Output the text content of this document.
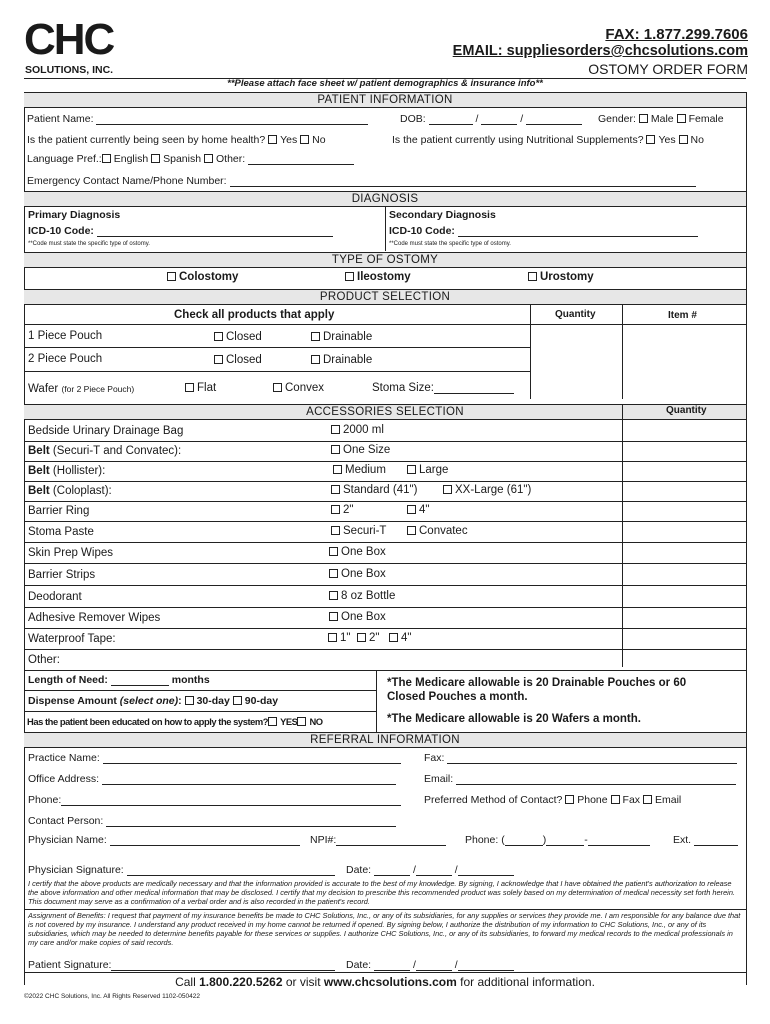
CHC
SOLUTIONS, INC.
FAX: 1.877.299.7606
EMAIL: suppliesorders@chcsolutions.com
OSTOMY ORDER FORM
**Please attach face sheet w/ patient demographics & insurance info**
PATIENT INFORMATION
Patient Name:	DOB:	/	/	Gender: Male Female
Is the patient currently being seen by home health? Yes No	Is the patient currently using Nutritional Supplements? Yes No
Language Pref.: English Spanish Other:
Emergency Contact Name/Phone Number:
DIAGNOSIS
Primary Diagnosis
ICD-10 Code:
**Code must state the specific type of ostomy.
Secondary Diagnosis
ICD-10 Code:
**Code must state the specific type of ostomy.
TYPE OF OSTOMY
Colostomy	Ileostomy	Urostomy
PRODUCT SELECTION
Check all products that apply	Quantity	Item #
1 Piece Pouch	Closed	Drainable
2 Piece Pouch	Closed	Drainable
Wafer (for 2 Piece Pouch)	Flat	Convex	Stoma Size:
ACCESSORIES SELECTION	Quantity
Bedside Urinary Drainage Bag	2000 ml
Belt (Securi-T and Convatec):	One Size
Belt (Hollister):	Medium	Large
Belt (Coloplast):	Standard (41")	XX-Large (61")
Barrier Ring	2"	4"
Stoma Paste	Securi-T	Convatec
Skin Prep Wipes	One Box
Barrier Strips	One Box
Deodorant	8 oz Bottle
Adhesive Remover Wipes	One Box
Waterproof Tape:	1"	2"	4"
Other:
Length of Need:	months
Dispense Amount (select one): 30-day 90-day
Has the patient been educated on how to apply the system? YES NO
*The Medicare allowable is 20 Drainable Pouches or 60 Closed Pouches a month.
*The Medicare allowable is 20 Wafers a month.
REFERRAL INFORMATION
Practice Name:	Fax:
Office Address:	Email:
Phone:	Preferred Method of Contact? Phone Fax Email
Contact Person:
Physician Name:	NPI#:	Phone: (	)	-	Ext.
Physician Signature:	Date:	/	/
I certify that the above products are medically necessary and that the information provided is accurate to the best of my knowledge. By signing, I acknowledge that I have obtained the patient's authorization to release the above information and other medical information that may be disclosed. I certify that my decision to prescribe this recommended product was solely based on my determination of medical necessity set forth herein. This document may serve as a confirmation of a verbal order and is also recorded in the patient's record.
Assignment of Benefits: I request that payment of my insurance benefits be made to CHC Solutions, Inc., or any of its subsidiaries, for any supplies or services they provide me. I am responsible for any balance due that is not covered by my insurance. I understand any product received in my home cannot be returned if opened. By signing below, I authorize the distribution of my information to CHC Solutions, Inc., or any of its subsidiaries, which may be needed to determine benefits payable for these services or supplies. I authorize CHC Solutions, Inc., or any of its subsidiaries, to forward my medical records to the medical professionals in my care and/or make copies of said records.
Patient Signature:	Date:	/	/
Call 1.800.220.5262 or visit www.chcsolutions.com for additional information.
©2022 CHC Solutions, Inc. All Rights Reserved 1102-050422
